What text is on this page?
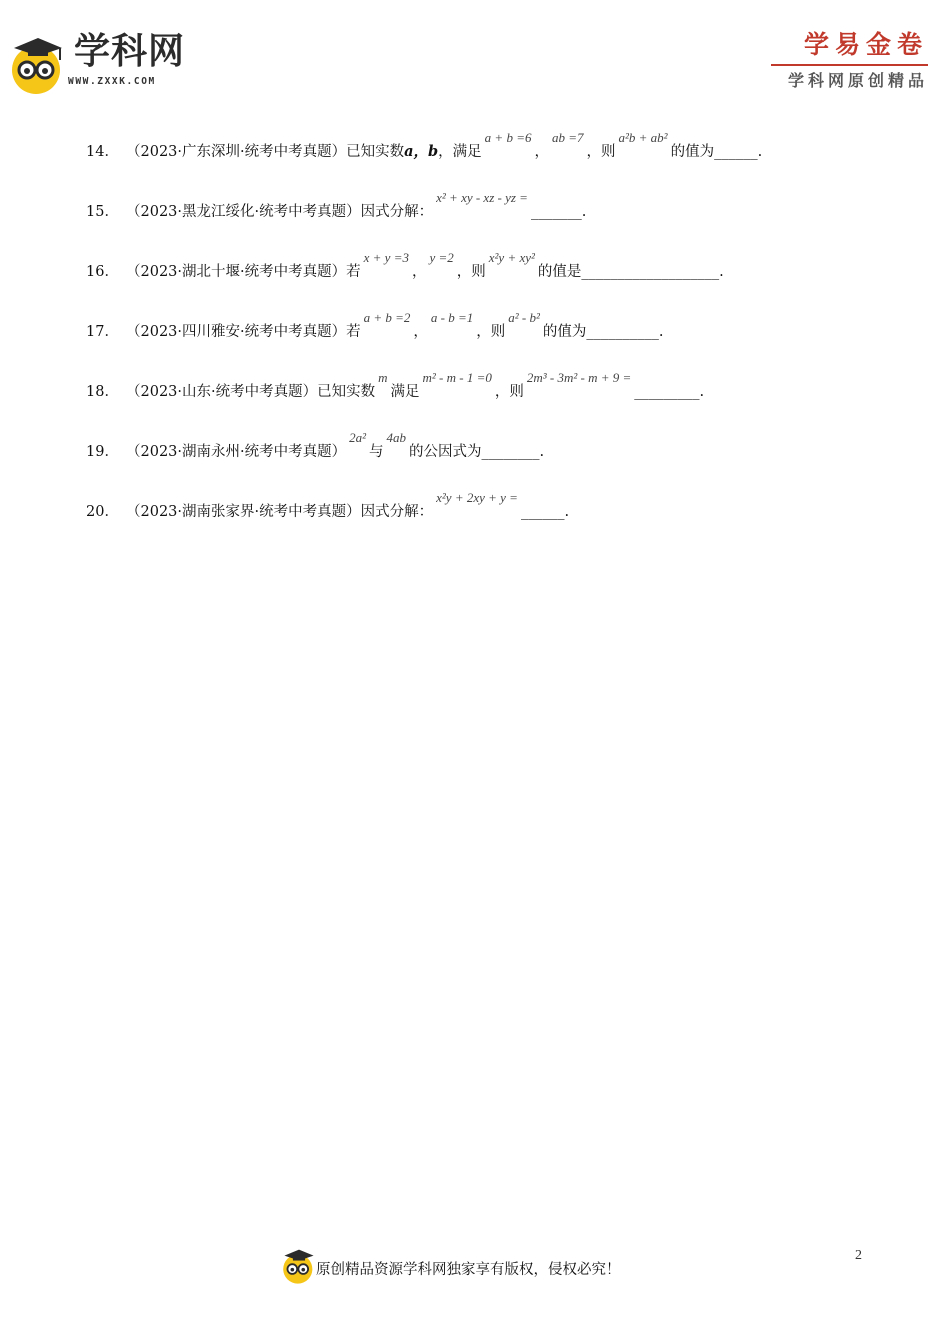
学科网
WWW.ZXXK.COM
学易金卷
学科网原创精品
14． （2023·广东深圳·统考中考真题）已知实数a，b，满足a + b =6，ab =7，则a²b + ab²的值为______.
15． （2023·黑龙江绥化·统考中考真题）因式分解：x² + xy - xz - yz =_______.
16． （2023·湖北十堰·统考中考真题）若x + y =3，y =2，则x²y + xy²的值是___________________.
17． （2023·四川雅安·统考中考真题）若a + b =2，a - b =1，则a² - b²的值为__________.
18． （2023·山东·统考中考真题）已知实数m满足m² - m - 1 =0，则2m³ - 3m² - m + 9 =_________.
19． （2023·湖南永州·统考中考真题）2a²与4ab的公因式为________.
20． （2023·湖南张家界·统考中考真题）因式分解：x²y + 2xy + y =______.
2
原创精品资源学科网独家享有版权，侵权必究！
